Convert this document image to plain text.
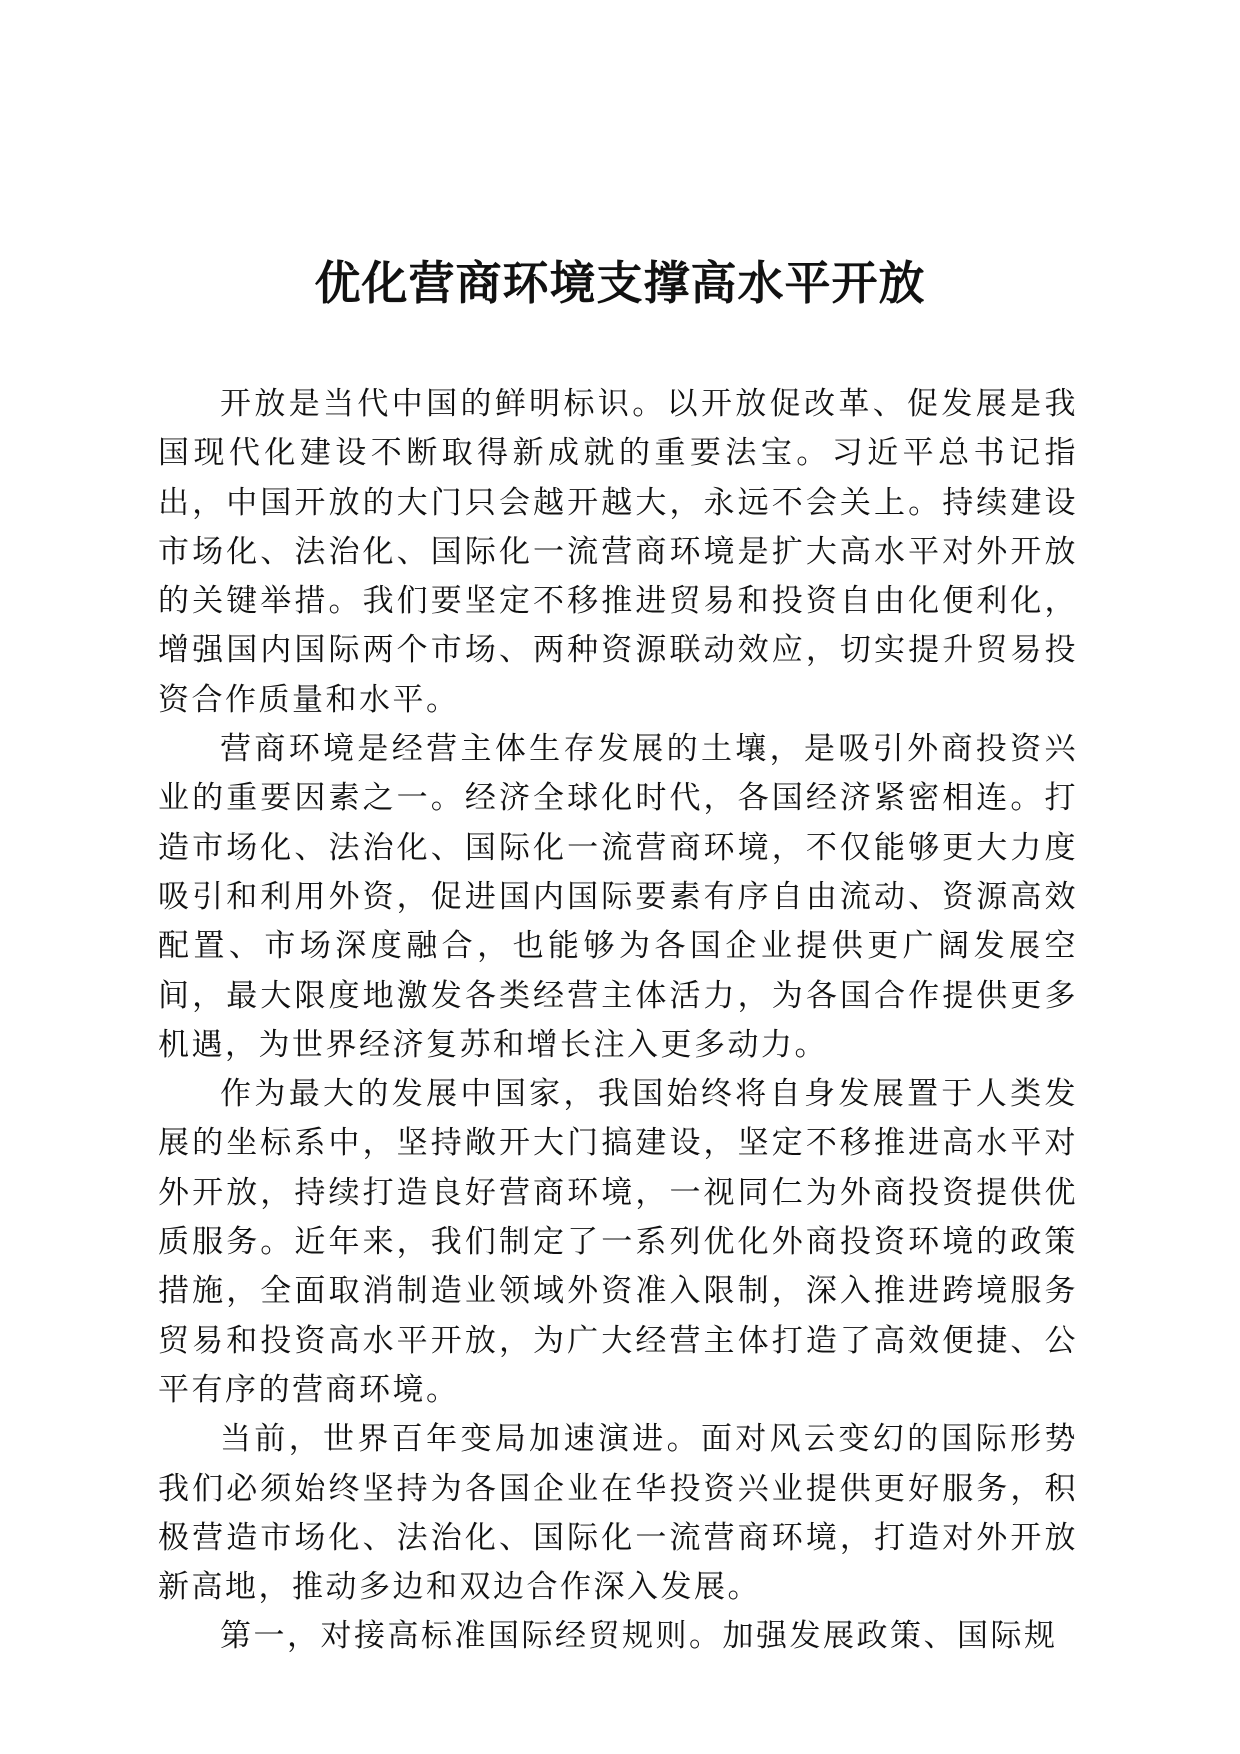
优化营商环境支撑高水平开放

开放是当代中国的鲜明标识。以开放促改革、促发展是我国现代化建设不断取得新成就的重要法宝。习近平总书记指出，中国开放的大门只会越开越大，永远不会关上。持续建设市场化、法治化、国际化一流营商环境是扩大高水平对外开放的关键举措。我们要坚定不移推进贸易和投资自由化便利化，增强国内国际两个市场、两种资源联动效应，切实提升贸易投资合作质量和水平。

营商环境是经营主体生存发展的土壤，是吸引外商投资兴业的重要因素之一。经济全球化时代，各国经济紧密相连。打造市场化、法治化、国际化一流营商环境，不仅能够更大力度吸引和利用外资，促进国内国际要素有序自由流动、资源高效配置、市场深度融合，也能够为各国企业提供更广阔发展空间，最大限度地激发各类经营主体活力，为各国合作提供更多机遇，为世界经济复苏和增长注入更多动力。

作为最大的发展中国家，我国始终将自身发展置于人类发展的坐标系中，坚持敞开大门搞建设，坚定不移推进高水平对外开放，持续打造良好营商环境，一视同仁为外商投资提供优质服务。近年来，我们制定了一系列优化外商投资环境的政策措施，全面取消制造业领域外资准入限制，深入推进跨境服务贸易和投资高水平开放，为广大经营主体打造了高效便捷、公平有序的营商环境。

当前，世界百年变局加速演进。面对风云变幻的国际形势我们必须始终坚持为各国企业在华投资兴业提供更好服务，积极营造市场化、法治化、国际化一流营商环境，打造对外开放新高地，推动多边和双边合作深入发展。

第一，对接高标准国际经贸规则。加强发展政策、国际规
